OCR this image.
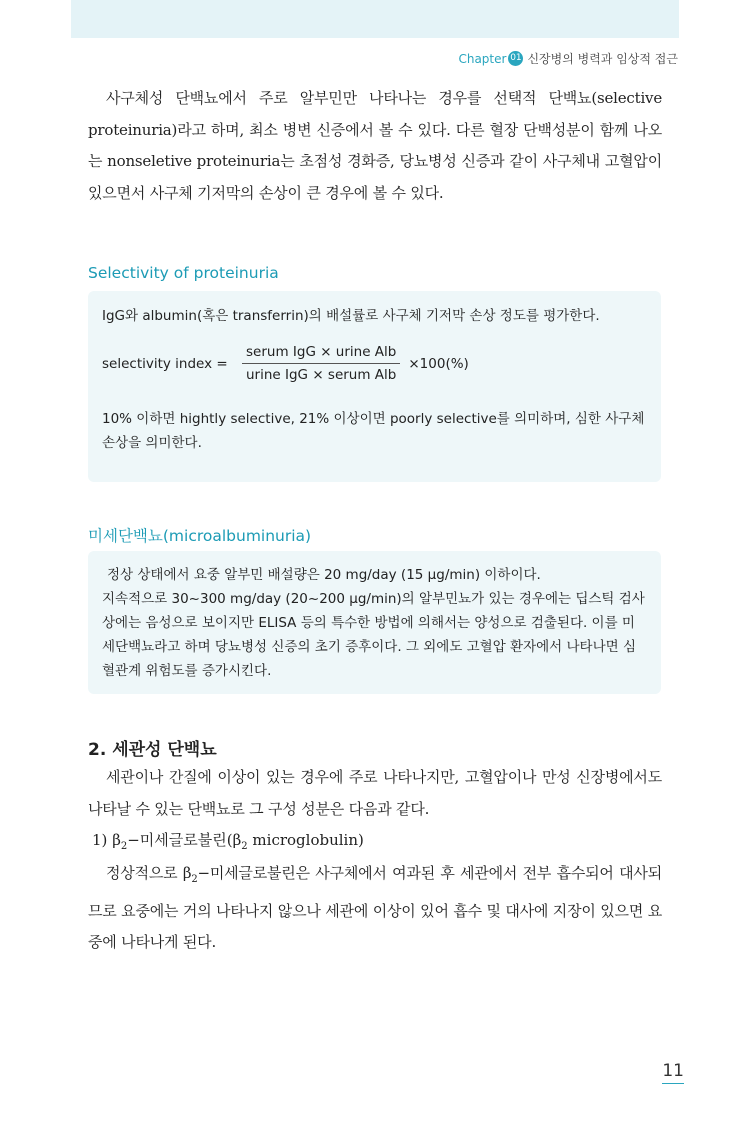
Chapter 01 신장병의 병력과 임상적 접근

사구체성 단백뇨에서 주로 알부민만 나타나는 경우를 선택적 단백뇨(selective proteinuria)라고 하며, 최소 병변 신증에서 볼 수 있다. 다른 혈장 단백성분이 함께 나오는 nonseletive proteinuria는 초점성 경화증, 당뇨병성 신증과 같이 사구체내 고혈압이 있으면서 사구체 기저막의 손상이 큰 경우에 볼 수 있다.

Selectivity of proteinuria

IgG와 albumin(혹은 transferrin)의 배설률로 사구체 기저막 손상 정도를 평가한다.

selectivity index =	$\frac{\text{serum IgG × urine Alb}}{\text{urine IgG × serum Alb}} \times 100(\%)$

10% 이하면 hightly selective, 21% 이상이면 poorly selective를 의미하며, 심한 사구체 손상을 의미한다.

미세단백뇨(microalbuminuria)

정상 상태에서 요중 알부민 배설량은 20 mg/day (15 μg/min) 이하이다.

지속적으로 30~300 mg/day (20~200 μg/min)의 알부민뇨가 있는 경우에는 딥스틱 검사상에는 음성으로 보이지만 ELISA 등의 특수한 방법에 의해서는 양성으로 검출된다. 이를 미세단백뇨라고 하며 당뇨병성 신증의 초기 증후이다. 그 외에도 고혈압 환자에서 나타나면 심혈관계 위험도를 증가시킨다.

2. 세관성 단백뇨

세관이나 간질에 이상이 있는 경우에 주로 나타나지만, 고혈압이나 만성 신장병에서도 나타날 수 있는 단백뇨로 그 구성 성분은 다음과 같다.

1) $\beta_2-$미세글로불린($\beta_2$ microglobulin)

정상적으로 $\beta_2-$미세글로불린은 사구체에서 여과된 후 세관에서 전부 흡수되어 대사되므로 요중에는 거의 나타나지 않으나 세관에 이상이 있어 흡수 및 대사에 지장이 있으면 요중에 나타나게 된다.

11
